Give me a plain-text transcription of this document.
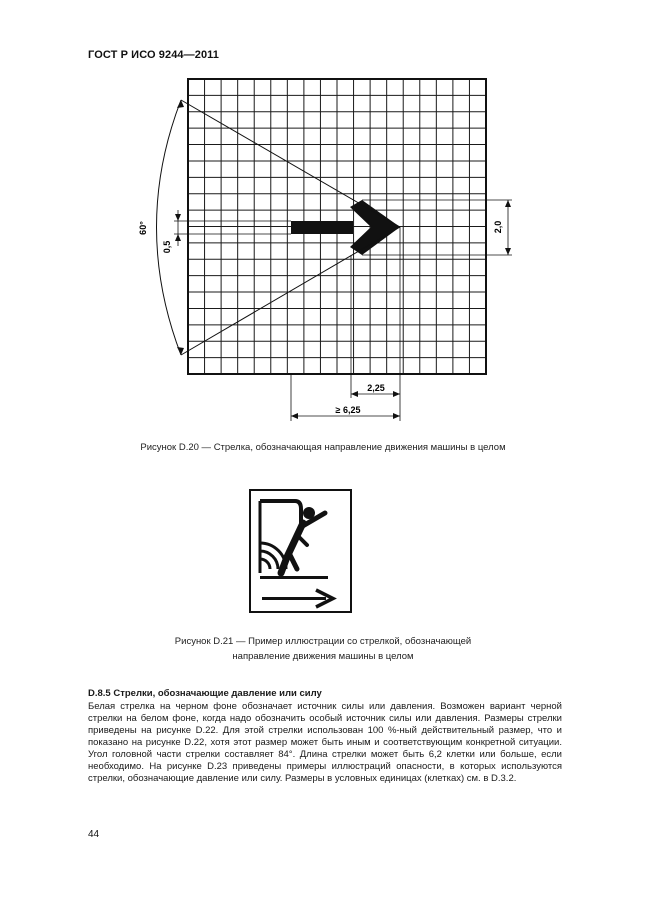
ГОСТ Р ИСО 9244—2011
60°
0,5
2,0
2,25
≥ 6,25
Рисунок D.20 — Стрелка, обозначающая направление движения машины в целом
Рисунок D.21 — Пример иллюстрации со стрелкой, обозначающей
направление движения машины в целом
D.8.5 Стрелки, обозначающие давление или силу

Белая стрелка на черном фоне обозначает источник силы или давления. Возможен вариант черной стрелки на белом фоне, когда надо обозначить особый источник силы или давления. Размеры стрелки приведены на рисунке D.22. Для этой стрелки использован 100 %-ный действительный размер, что и показано на рисунке D.22, хотя этот размер может быть иным и соответствующим конкретной ситуации. Угол головной части стрелки составляет 84°. Длина стрелки может быть 6,2 клетки или больше, если необходимо. На рисунке D.23 приведены примеры иллюстраций опасности, в которых используются стрелки, обозначающие давление или силу. Размеры в условных единицах (клетках) см. в D.3.2.

44
